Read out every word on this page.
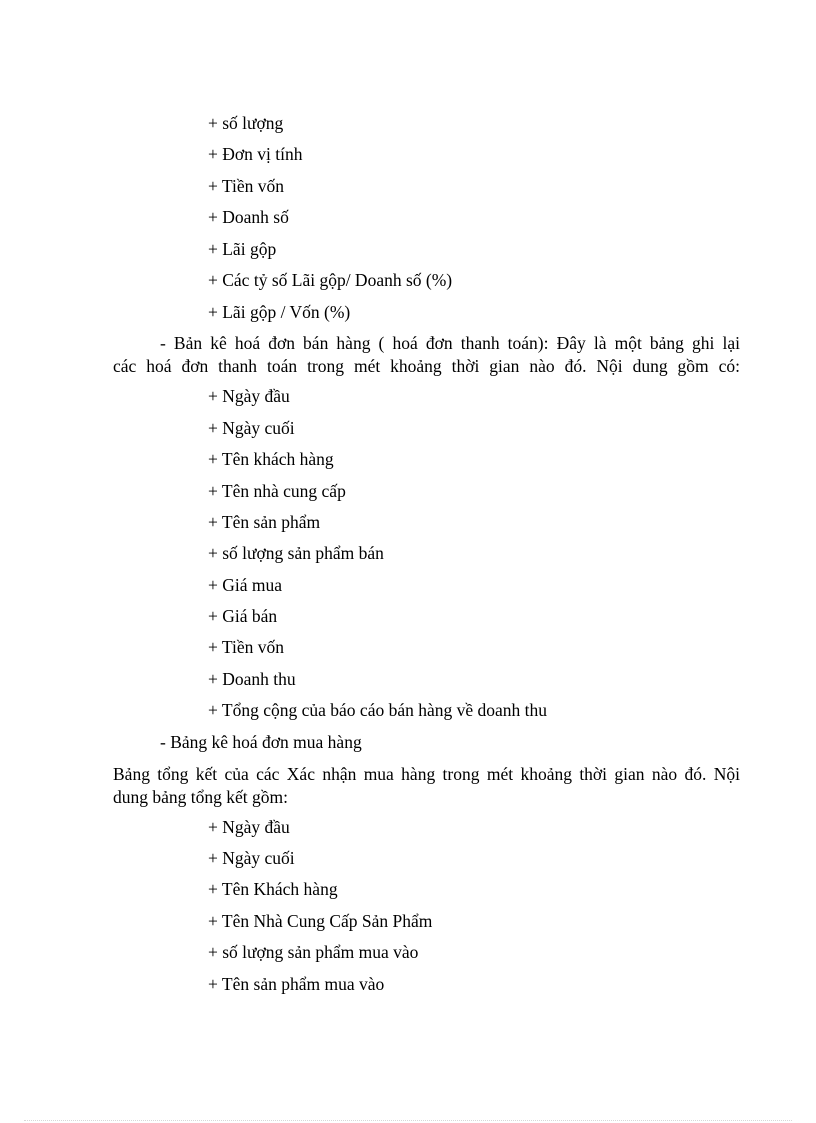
+ số lượng
+ Đơn vị tính
+ Tiền vốn
+ Doanh số
+ Lãi gộp
+ Các tỷ số Lãi gộp/ Doanh số (%)
+ Lãi gộp / Vốn (%)
- Bản kê hoá đơn bán hàng ( hoá đơn thanh toán): Đây là một bảng ghi lại
các hoá đơn thanh toán trong mét khoảng thời gian nào đó. Nội dung gồm có:
+ Ngày đầu
+ Ngày cuối
+ Tên khách hàng
+ Tên nhà cung cấp
+ Tên sản phẩm
+ số lượng sản phẩm bán
+ Giá mua
+ Giá bán
+ Tiền vốn
+ Doanh thu
+ Tổng cộng của báo cáo bán hàng về doanh thu
- Bảng kê hoá đơn mua hàng
Bảng tổng kết của các Xác nhận mua hàng trong mét khoảng thời gian nào đó. Nội
dung bảng tổng kết gồm:
+ Ngày đầu
+ Ngày cuối
+ Tên Khách hàng
+ Tên Nhà Cung Cấp Sản Phẩm
+ số lượng sản phẩm mua vào
+ Tên sản phẩm mua vào
